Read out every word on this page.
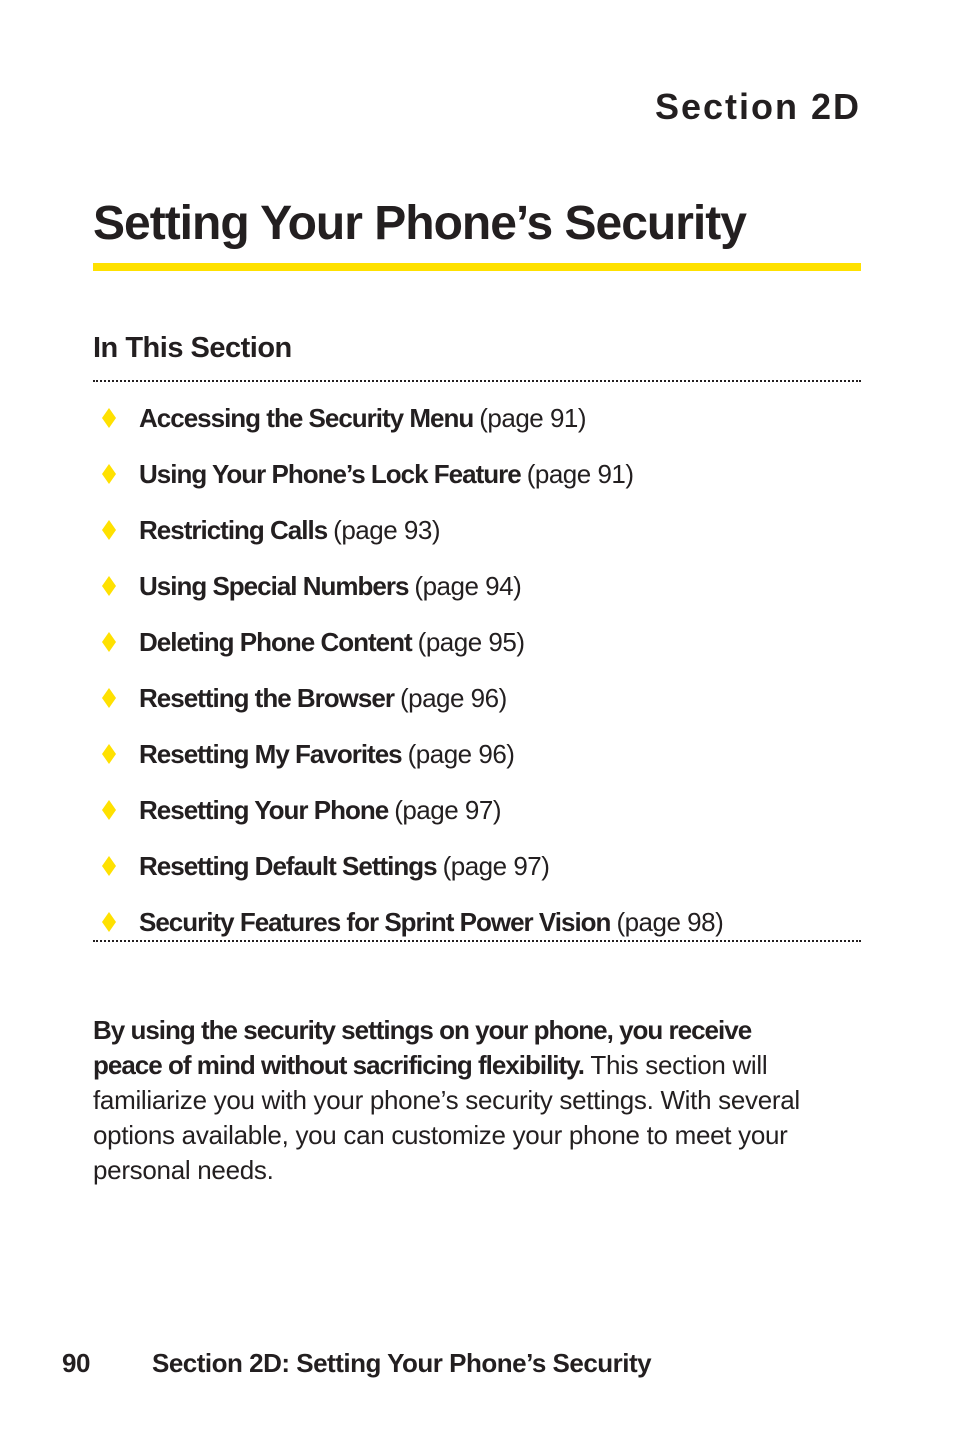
Section 2D
Setting Your Phone’s Security
In This Section
Accessing the Security Menu (page 91)
Using Your Phone’s Lock Feature (page 91)
Restricting Calls (page 93)
Using Special Numbers (page 94)
Deleting Phone Content (page 95)
Resetting the Browser (page 96)
Resetting My Favorites (page 96)
Resetting Your Phone (page 97)
Resetting Default Settings (page 97)
Security Features for Sprint Power Vision (page 98)

By using the security settings on your phone, you receive peace of mind without sacrificing flexibility. This section will familiarize you with your phone’s security settings. With several options available, you can customize your phone to meet your personal needs.

90 Section 2D: Setting Your Phone’s Security
